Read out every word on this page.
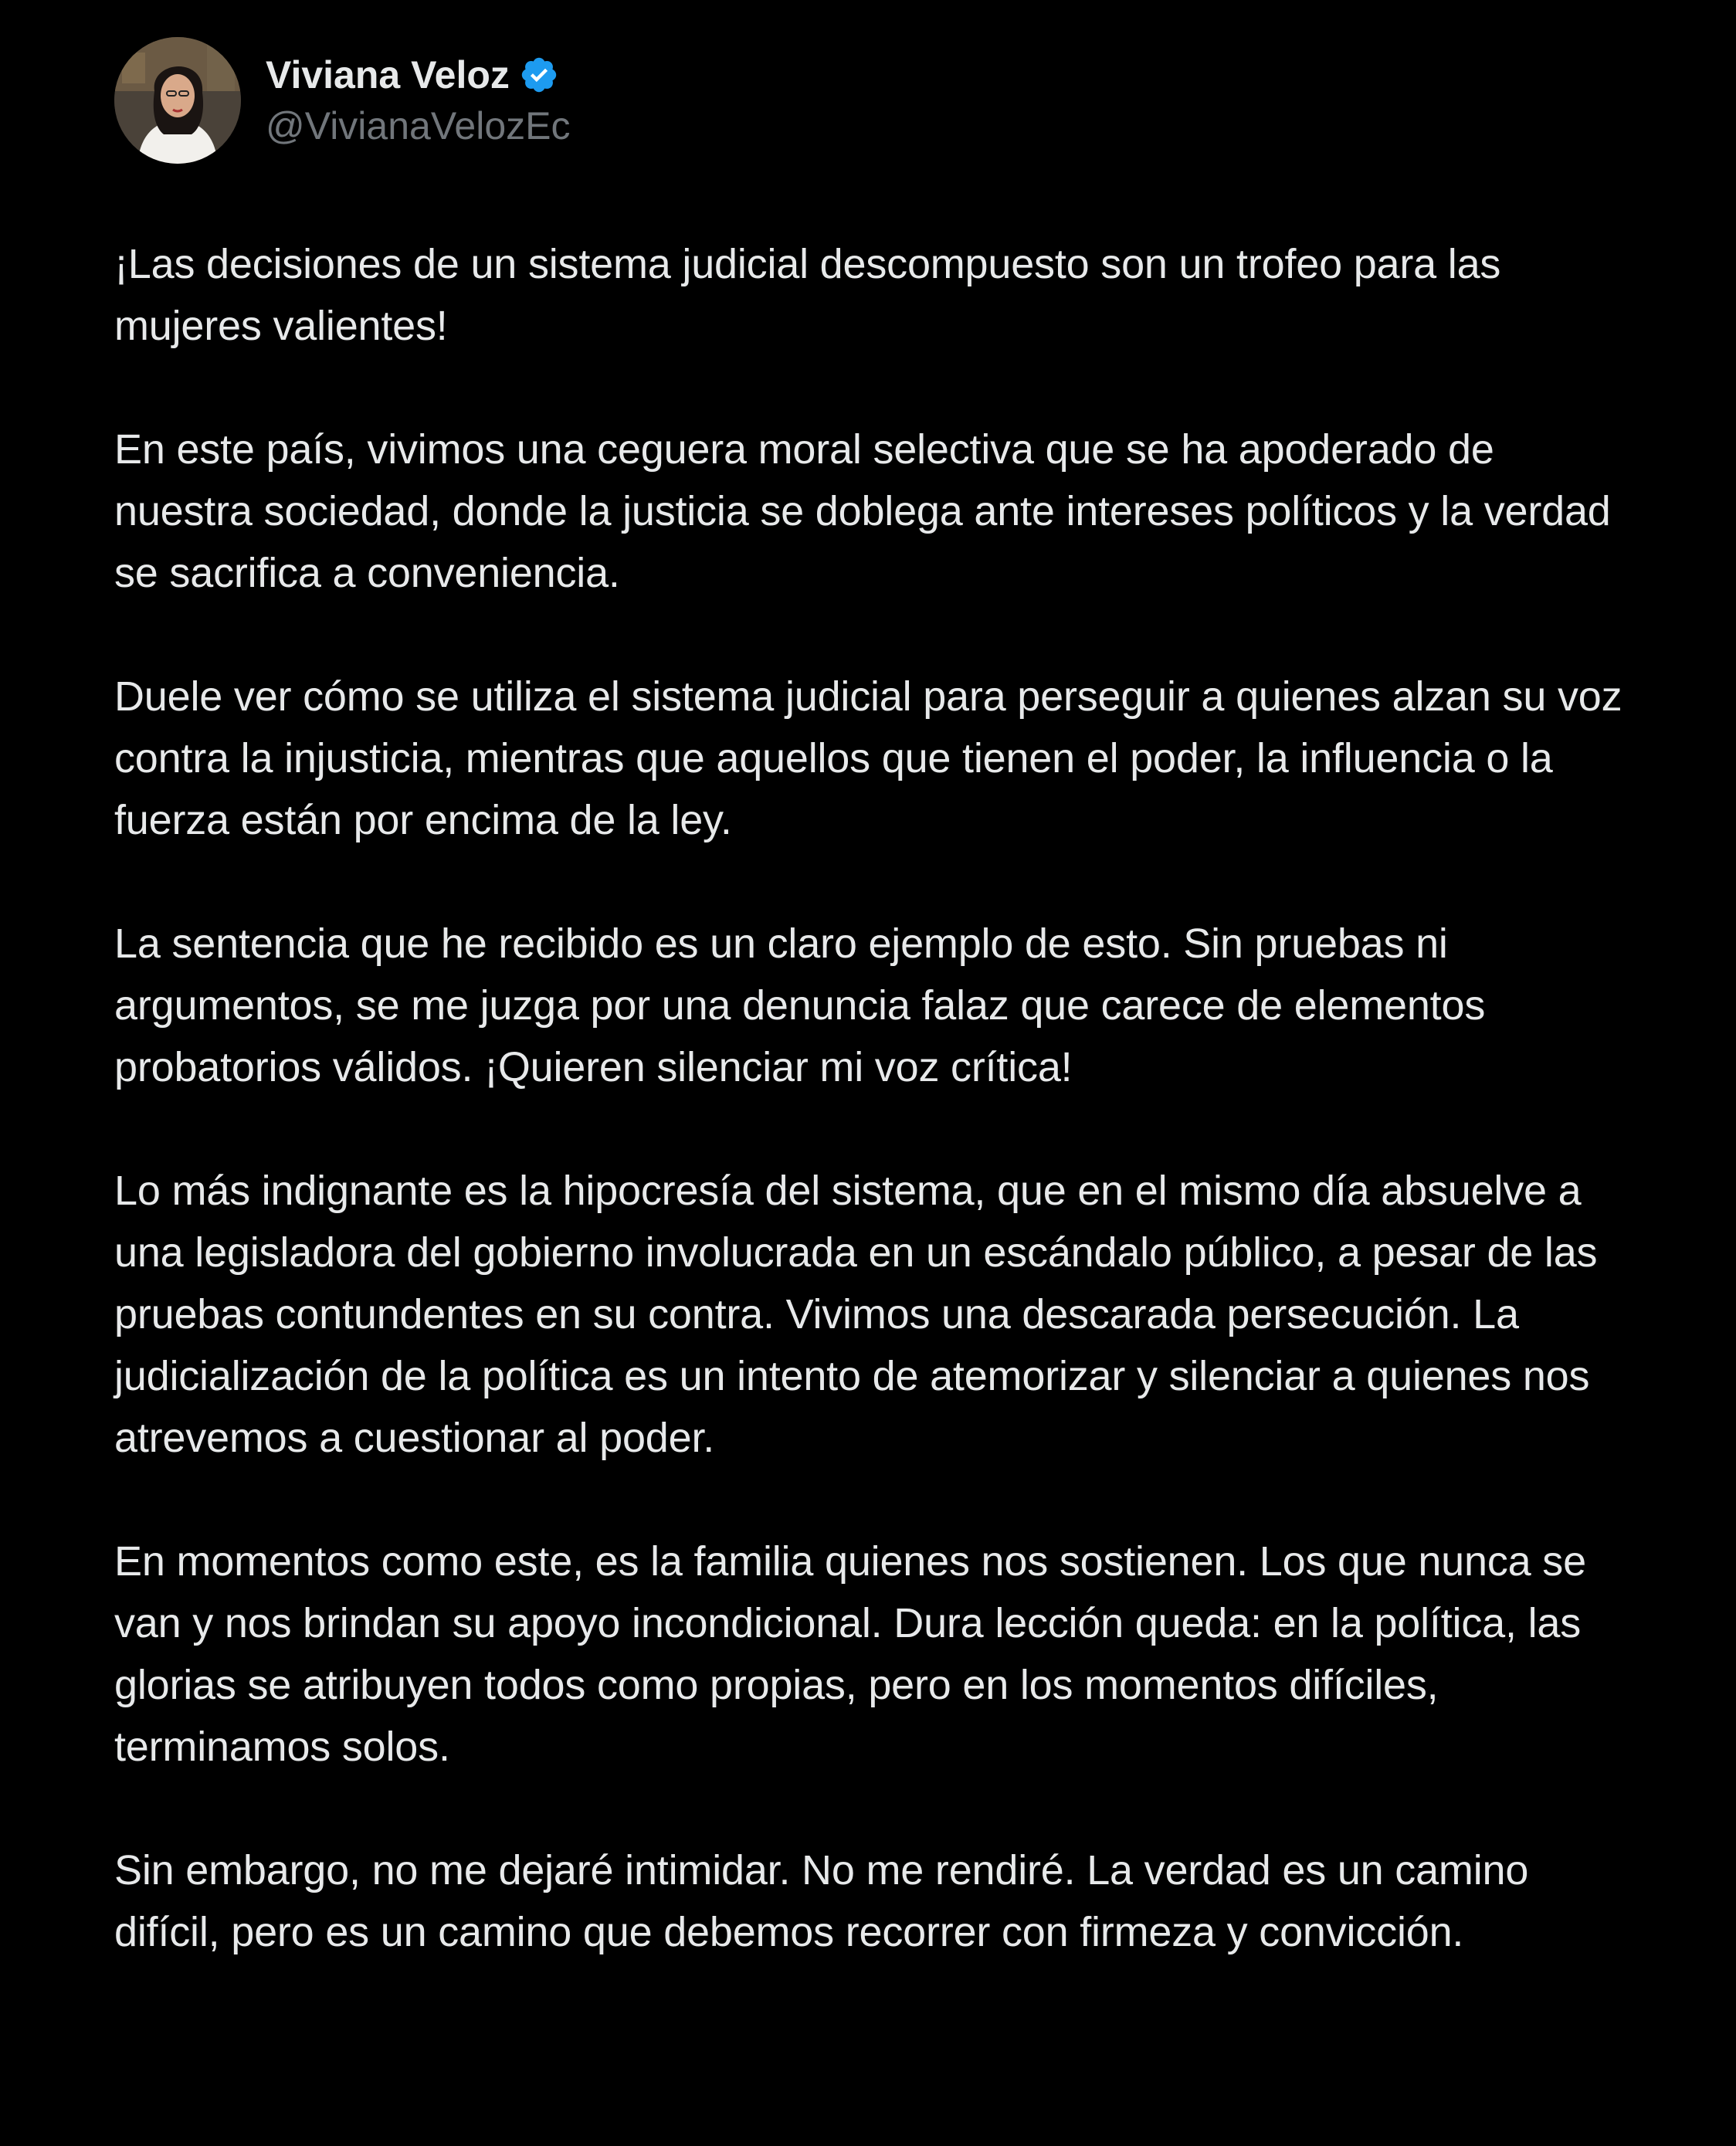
Viviana Veloz
@VivianaVelozEc

¡Las decisiones de un sistema judicial descompuesto son un trofeo para las mujeres valientes!

En este país, vivimos una ceguera moral selectiva que se ha apoderado de nuestra sociedad, donde la justicia se doblega ante intereses políticos y la verdad se sacrifica a conveniencia.

Duele ver cómo se utiliza el sistema judicial para perseguir a quienes alzan su voz contra la injusticia, mientras que aquellos que tienen el poder, la influencia o la fuerza están por encima de la ley.

La sentencia que he recibido es un claro ejemplo de esto. Sin pruebas ni argumentos, se me juzga por una denuncia falaz que carece de elementos probatorios válidos. ¡Quieren silenciar mi voz crítica!

Lo más indignante es la hipocresía del sistema, que en el mismo día absuelve a una legisladora del gobierno involucrada en un escándalo público, a pesar de las pruebas contundentes en su contra. Vivimos una descarada persecución. La judicialización de la política es un intento de atemorizar y silenciar a quienes nos atrevemos a cuestionar al poder.

En momentos como este, es la familia quienes nos sostienen. Los que nunca se van y nos brindan su apoyo incondicional. Dura lección queda: en la política, las glorias se atribuyen todos como propias, pero en los momentos difíciles, terminamos solos.

Sin embargo, no me dejaré intimidar. No me rendiré. La verdad es un camino difícil, pero es un camino que debemos recorrer con firmeza y convicción.
